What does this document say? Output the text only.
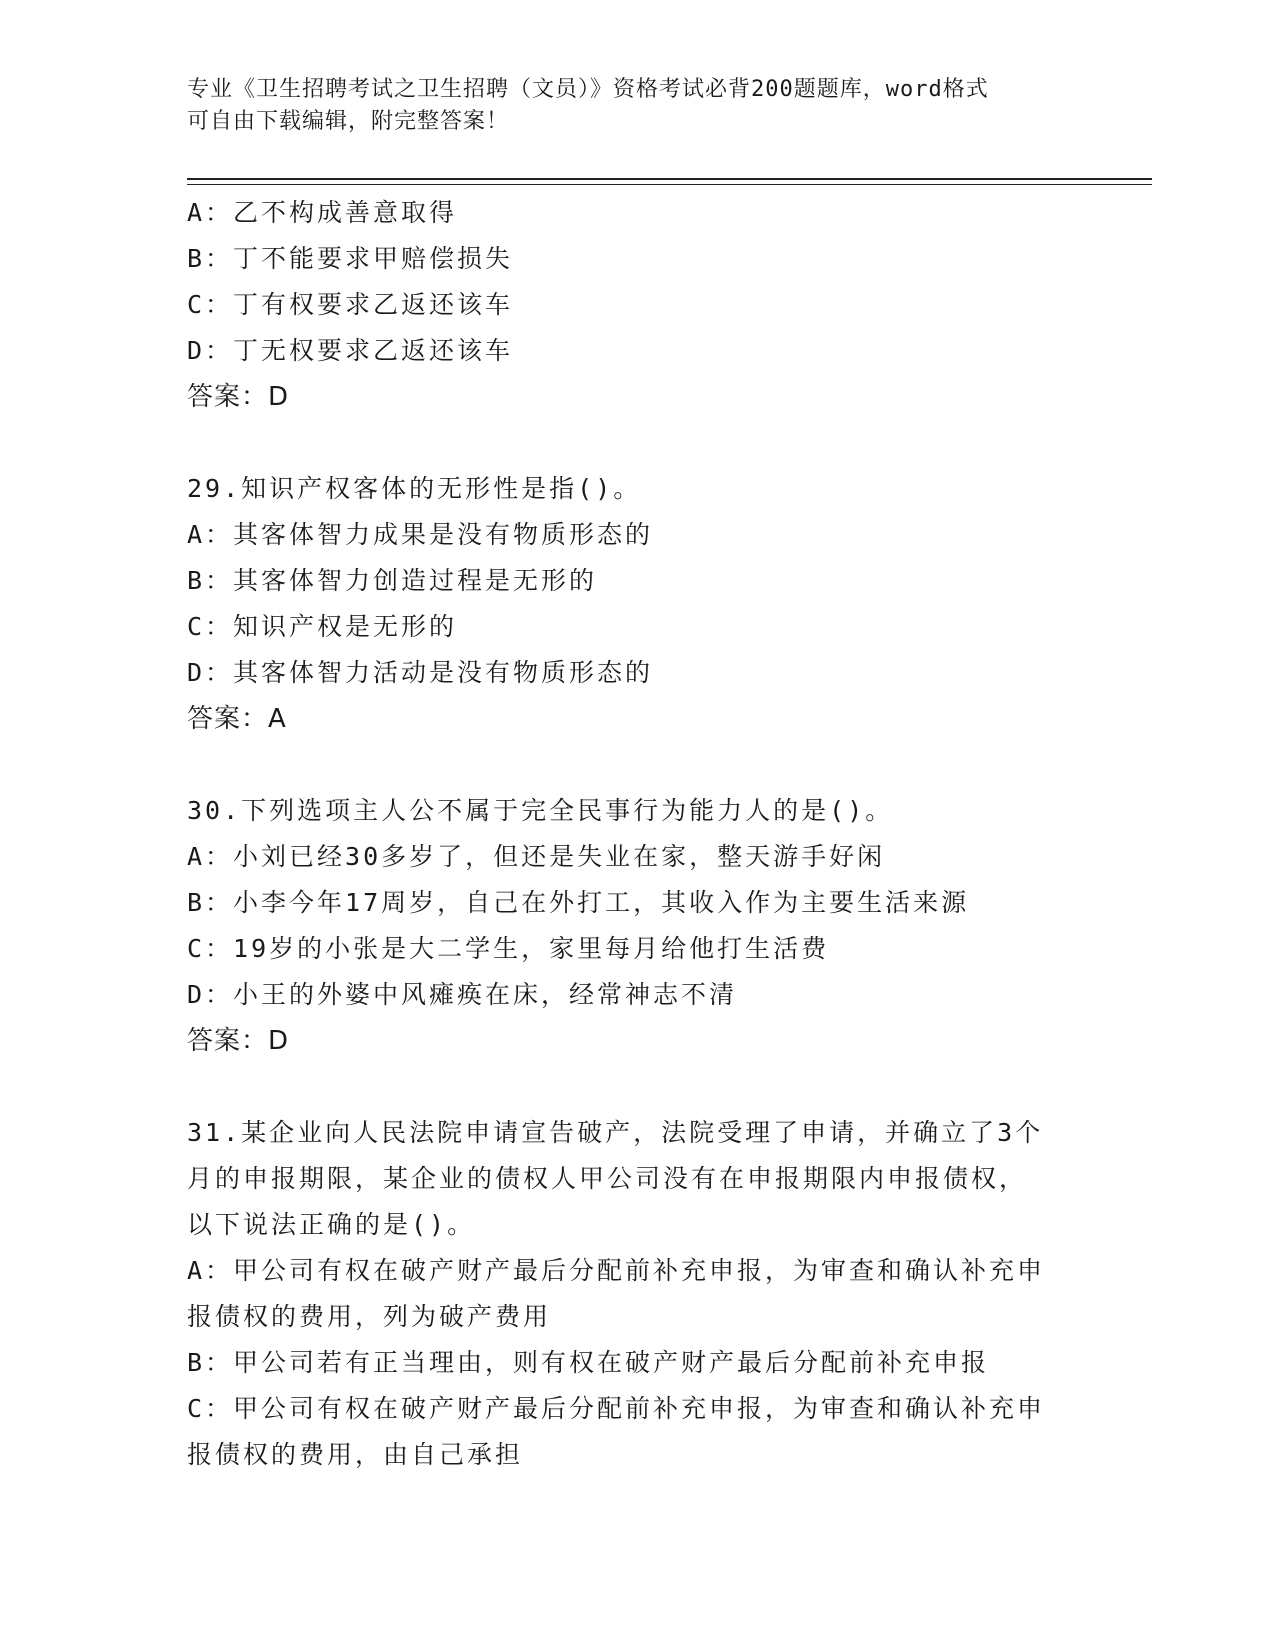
专业《卫生招聘考试之卫生招聘（文员）》资格考试必背200题题库，word格式
可自由下载编辑，附完整答案！
A：乙不构成善意取得
B：丁不能要求甲赔偿损失
C：丁有权要求乙返还该车
D：丁无权要求乙返还该车
答案：D
29.知识产权客体的无形性是指()。
A：其客体智力成果是没有物质形态的
B：其客体智力创造过程是无形的
C：知识产权是无形的
D：其客体智力活动是没有物质形态的
答案：A
30.下列选项主人公不属于完全民事行为能力人的是()。
A：小刘已经30多岁了，但还是失业在家，整天游手好闲
B：小李今年17周岁，自己在外打工，其收入作为主要生活来源
C：19岁的小张是大二学生，家里每月给他打生活费
D：小王的外婆中风瘫痪在床，经常神志不清
答案：D
31.某企业向人民法院申请宣告破产，法院受理了申请，并确立了3个
月的申报期限，某企业的债权人甲公司没有在申报期限内申报债权，
以下说法正确的是()。
A：甲公司有权在破产财产最后分配前补充申报，为审查和确认补充申
报债权的费用，列为破产费用
B：甲公司若有正当理由，则有权在破产财产最后分配前补充申报
C：甲公司有权在破产财产最后分配前补充申报，为审查和确认补充申
报债权的费用，由自己承担
